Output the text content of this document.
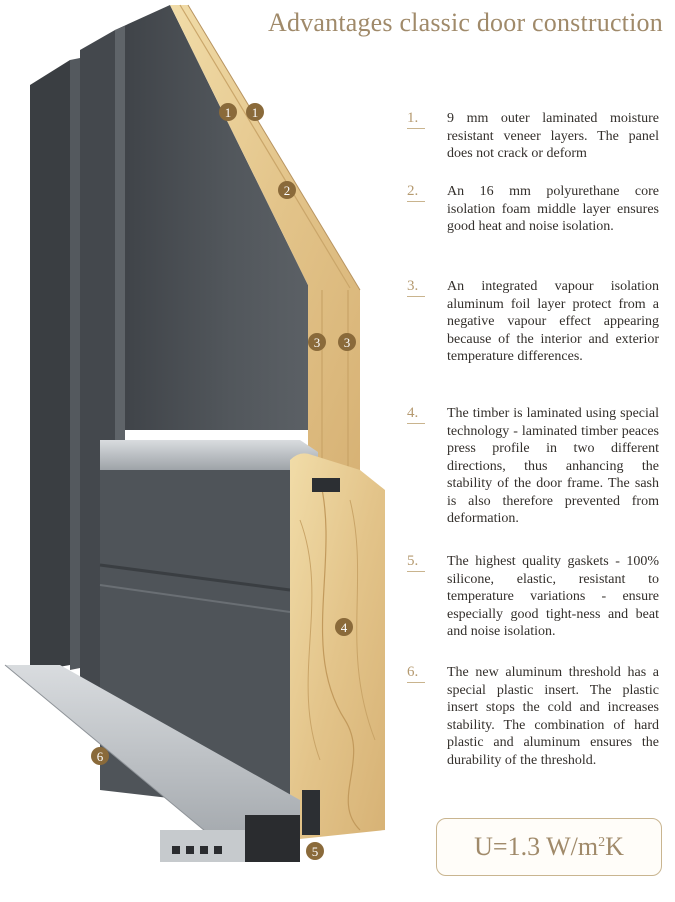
Advantages classic door construction
1 1
2
3 3
4
5
6
1.	9 mm outer laminated moisture resistant veneer layers. The panel does not crack or deform
2.	An 16 mm polyurethane core isolation foam middle layer ensures good heat and noise isolation.
3.	An integrated vapour isolation aluminum foil layer protect from a negative vapour effect appearing because of the interior and exterior temperature differences.
4.	The timber is laminated using special technology - laminated timber peaces press profile in two different directions, thus anhancing the stability of the door frame. The sash is also therefore prevented from deformation.
5.	The highest quality gaskets - 100% silicone, elastic, resistant to temperature variations - ensure especially good tight-ness and beat and noise isolation.
6.	The new aluminum threshold has a special plastic insert. The plastic insert stops the cold and increases stability. The combination of hard plastic and aluminum ensures the durability of the threshold.
U=1.3 $W/m^2$ K
